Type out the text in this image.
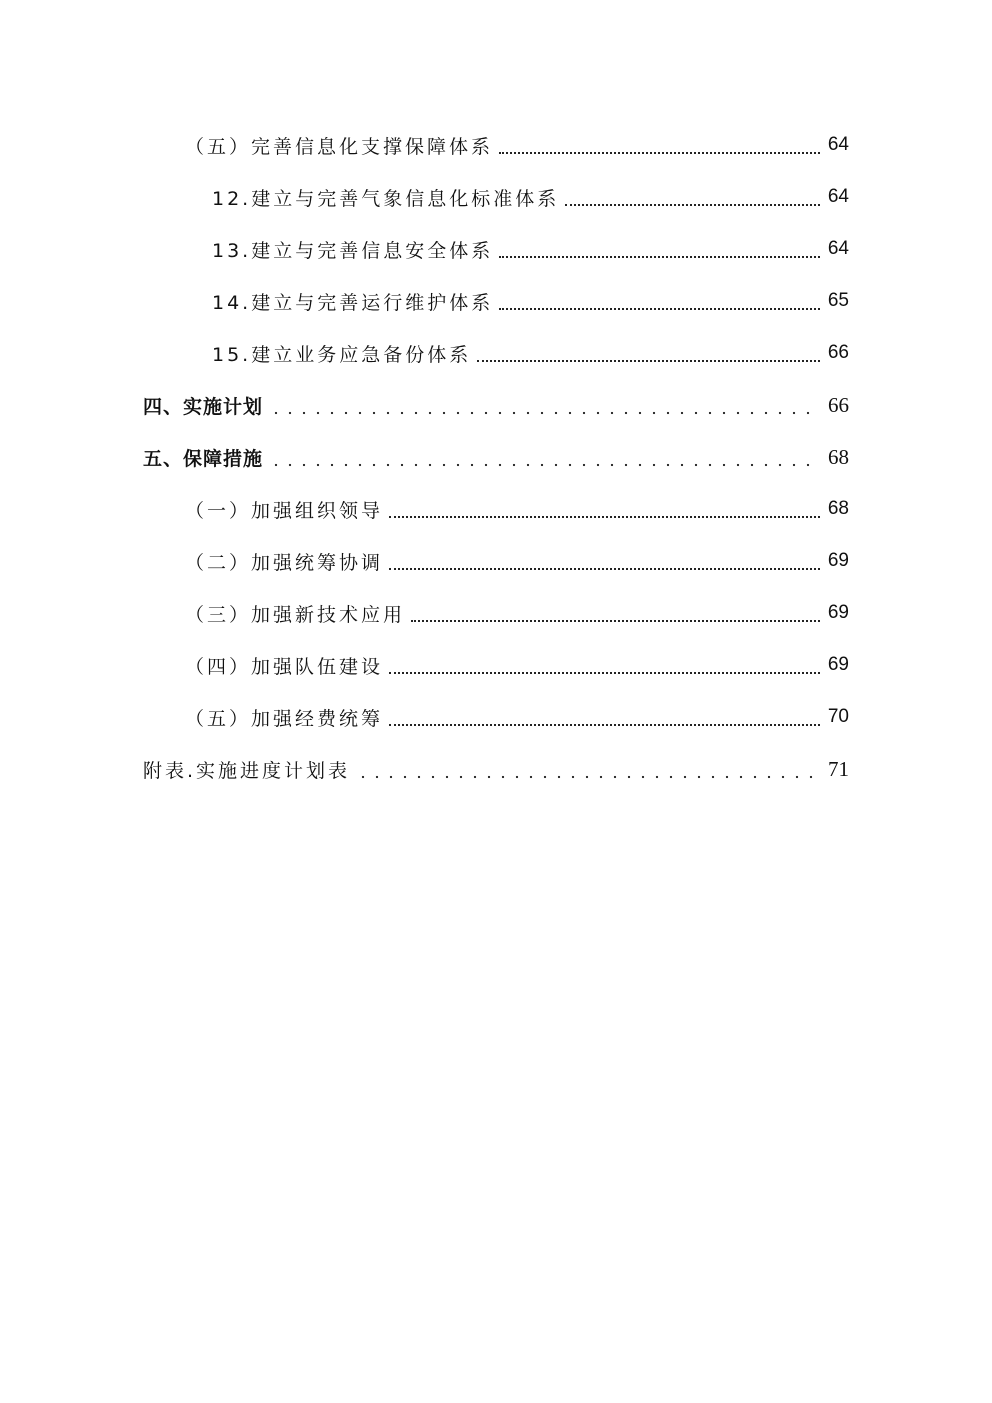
（五）完善信息化支撑保障体系	64
12.建立与完善气象信息化标准体系	64
13.建立与完善信息安全体系	64
14.建立与完善运行维护体系	65
15.建立业务应急备份体系	66
四、实施计划	66
五、保障措施	68
（一）加强组织领导	68
（二）加强统筹协调	69
（三）加强新技术应用	69
（四）加强队伍建设	69
（五）加强经费统筹	70
附表.实施进度计划表	71
